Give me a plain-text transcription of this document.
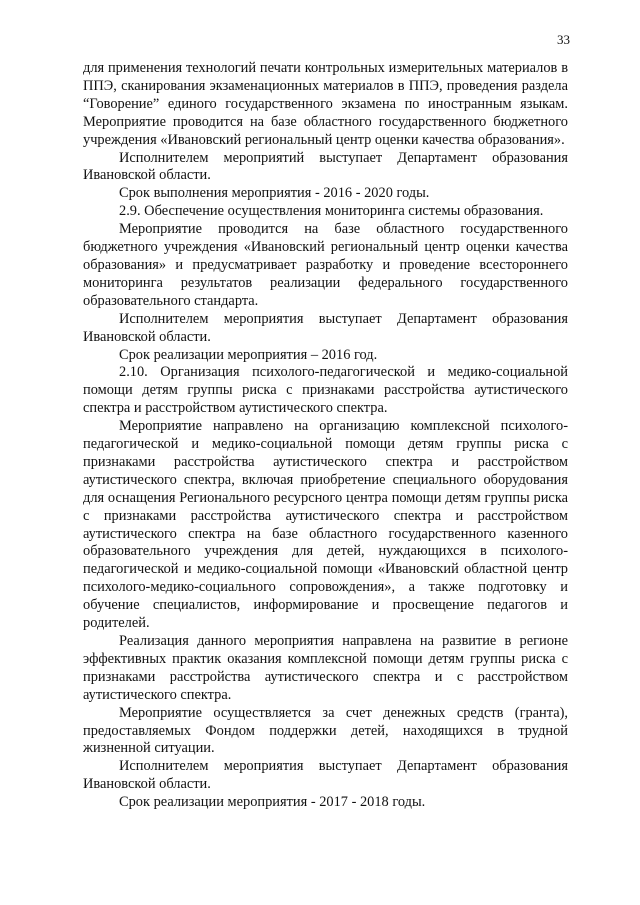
33

для применения технологий печати контрольных измерительных материалов в ППЭ, сканирования экзаменационных материалов в ППЭ, проведения раздела “Говорение” единого государственного экзамена по иностранным языкам. Мероприятие проводится на базе областного государственного бюджетного учреждения «Ивановский региональный центр оценки качества образования».

Исполнителем мероприятий выступает Департамент образования Ивановской области.

Срок выполнения мероприятия - 2016 - 2020 годы.

2.9. Обеспечение осуществления мониторинга системы образования.

Мероприятие проводится на базе областного государственного бюджетного учреждения «Ивановский региональный центр оценки качества образования» и предусматривает разработку и проведение всестороннего мониторинга результатов реализации федерального государственного образовательного стандарта.

Исполнителем мероприятия выступает Департамент образования Ивановской области.

Срок реализации мероприятия – 2016 год.

2.10. Организация психолого-педагогической и медико-социальной помощи детям группы риска с признаками расстройства аутистического спектра и расстройством аутистического спектра.

Мероприятие направлено на организацию комплексной психолого-педагогической и медико-социальной помощи детям группы риска с признаками расстройства аутистического спектра и расстройством аутистического спектра, включая приобретение специального оборудования для оснащения Регионального ресурсного центра помощи детям группы риска с признаками расстройства аутистического спектра и расстройством аутистического спектра на базе областного государственного казенного образовательного учреждения для детей, нуждающихся в психолого-педагогической и медико-социальной помощи «Ивановский областной центр психолого-медико-социального сопровождения», а также подготовку и обучение специалистов, информирование и просвещение педагогов и родителей.

Реализация данного мероприятия направлена на развитие в регионе эффективных практик оказания комплексной помощи детям группы риска с признаками расстройства аутистического спектра и с расстройством аутистического спектра.

Мероприятие осуществляется за счет денежных средств (гранта), предоставляемых Фондом поддержки детей, находящихся в трудной жизненной ситуации.

Исполнителем мероприятия выступает Департамент образования Ивановской области.

Срок реализации мероприятия - 2017 - 2018 годы.
